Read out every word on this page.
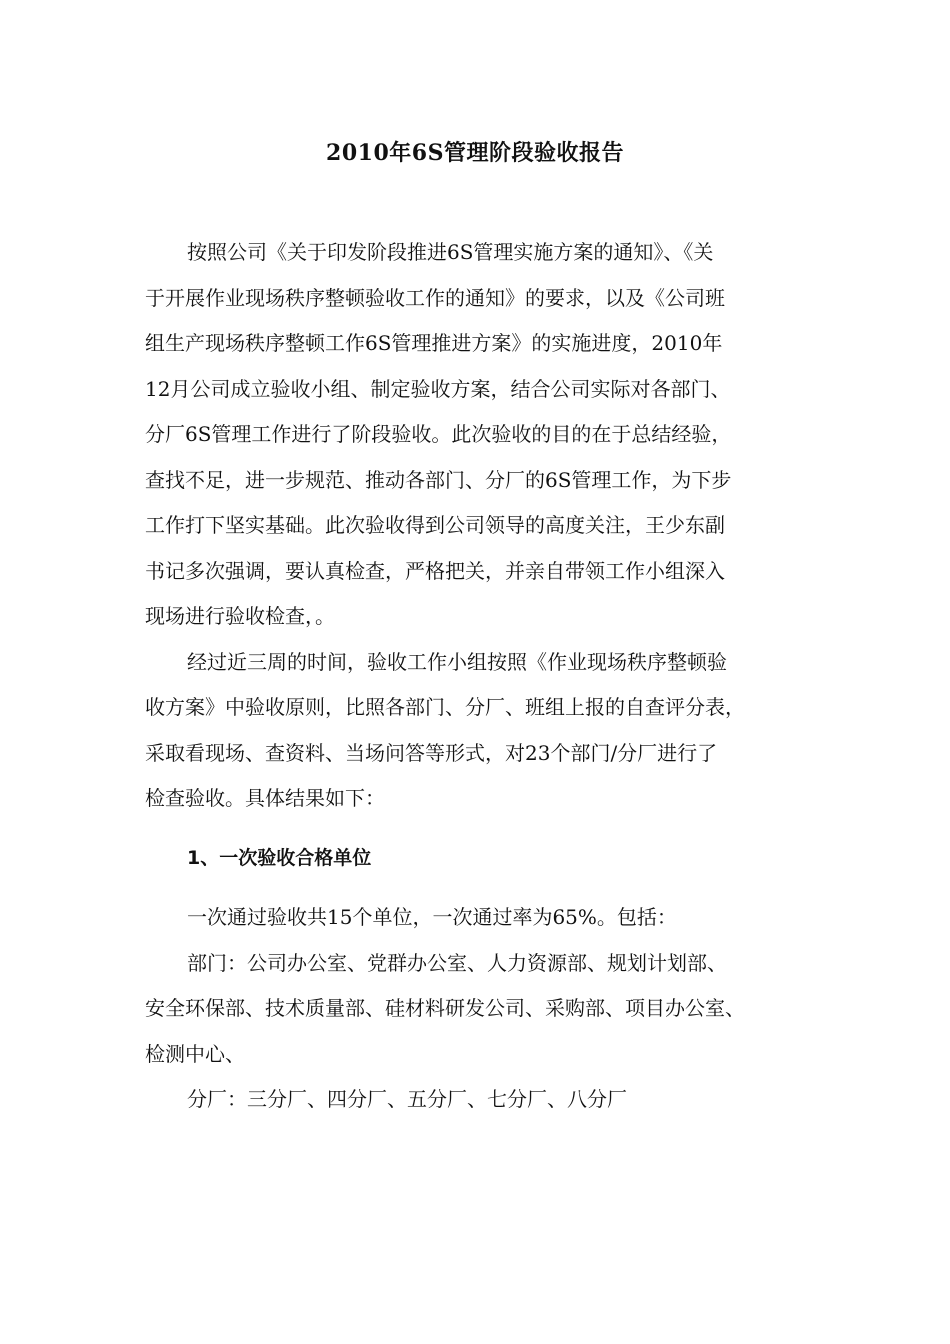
2010年6S管理阶段验收报告
按照公司《关于印发阶段推进6S管理实施方案的通知》、《关
于开展作业现场秩序整顿验收工作的通知》的要求，以及《公司班
组生产现场秩序整顿工作6S管理推进方案》的实施进度，2010年
12月公司成立验收小组、制定验收方案，结合公司实际对各部门、
分厂6S管理工作进行了阶段验收。此次验收的目的在于总结经验，
查找不足，进一步规范、推动各部门、分厂的6S管理工作，为下步
工作打下坚实基础。此次验收得到公司领导的高度关注，王少东副
书记多次强调，要认真检查，严格把关，并亲自带领工作小组深入
现场进行验收检查，。
经过近三周的时间，验收工作小组按照《作业现场秩序整顿验
收方案》中验收原则，比照各部门、分厂、班组上报的自查评分表，
采取看现场、查资料、当场问答等形式，对23个部门/分厂进行了
检查验收。具体结果如下：
1、一次验收合格单位
一次通过验收共15个单位，一次通过率为65%。包括：
部门：公司办公室、党群办公室、人力资源部、规划计划部、
安全环保部、技术质量部、硅材料研发公司、采购部、项目办公室、
检测中心、
分厂：三分厂、四分厂、五分厂、七分厂、八分厂
